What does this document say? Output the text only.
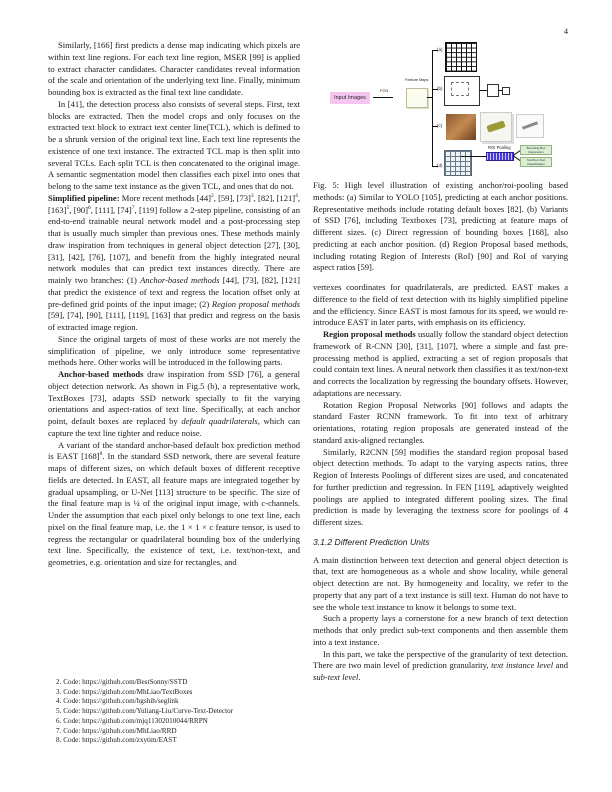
4

Similarly, [166] first predicts a dense map indicating which pixels are within text line regions. For each text line region, MSER [99] is applied to extract character candidates. Character candidates reveal information of the scale and orientation of the underlying text line. Finally, minimum bounding box is extracted as the final text line candidate.

In [41], the detection process also consists of several steps. First, text blocks are extracted. Then the model crops and only focuses on the extracted text block to extract text center line(TCL), which is defined to be a shrunk version of the original text line. Each text line represents the existence of one text instance. The extracted TCL map is then split into several TCLs. Each split TCL is then concatenated to the original image. A semantic segmentation model then classifies each pixel into ones that belong to the same text instance as the given TCL, and ones that do not.

Simplified pipeline: More recent methods $[44]^2$, [59], $[73]^3$, [82], $[121]^4$, $[163]^5$, $[90]^6$, [111], $[74]^7$, [119] follow a 2-step pipeline, consisting of an end-to-end trainable neural network model and a post-processing step that is usually much simpler than previous ones. These methods mainly draw inspiration from techniques in general object detection [27], [30], [31], [42], [76], [107], and benefit from the highly integrated neural network modules that can predict text instances directly. There are mainly two branches: (1) Anchor-based methods [44], [73], [82], [121] that predict the existence of text and regress the location offset only at pre-defined grid points of the input image; (2) Region proposal methods [59], [74], [90], [111], [119], [163] that predict and regress on the basis of extracted image region.

Since the original targets of most of these works are not merely the simplification of pipeline, we only introduce some representative methods here. Other works will be introduced in the following parts.

Anchor-based methods draw inspiration from SSD [76], a general object detection network. As shown in Fig.5 (b), a representative work, TextBoxes [73], adapts SSD network specially to fit the varying orientations and aspect-ratios of text line. Specifically, at each anchor point, default boxes are replaced by default quadrilaterals, which can capture the text line tighter and reduce noise.

A variant of the standard anchor-based default box prediction method is EAST $[168]^8$. In the standard SSD network, there are several feature maps of different sizes, on which default boxes of different receptive fields are detected. In EAST, all feature maps are integrated together by gradual upsampling, or U-Net [113] structure to be specific. The size of the final feature map is ¼ of the original input image, with c-channels. Under the assumption that each pixel only belongs to one text line, each pixel on the final feature map, i.e. the 1 × 1 × c feature tensor, is used to regress the rectangular or quadrilateral bounding box of the underlying text line. Specifically, the existence of text, i.e. text/non-text, and geometries, e.g. orientation and size for rectangles, and

2. Code: https://github.com/BestSonny/SSTD
3. Code: https://github.com/MhLiao/TextBoxes
4. Code: https://github.com/bgshih/seglink
5. Code: https://github.com/Yuliang-Liu/Curve-Text-Detector
6. Code: https://github.com/mjq11302010044/RRPN
7. Code: https://github.com/MhLiao/RRD
8. Code: https://github.com/zxytim/EAST
Input Images
FCN
Feature Maps
(a)
(b)
(c)
(d)
ROI Pooling	Bounding Box Regression
Text/Non-Text Classification

Fig. 5: High level illustration of existing anchor/roi-pooling based methods: (a) Similar to YOLO [105], predicting at each anchor positions. Representative methods include rotating default boxes [82]. (b) Variants of SSD [76], including Textboxes [73], predicting at feature maps of different sizes. (c) Direct regression of bounding boxes [168], also predicting at each anchor position. (d) Region Proposal based methods, including rotating Region of Interests (RoI) [90] and RoI of varying aspect ratios [59].

vertexes coordinates for quadrilaterals, are predicted. EAST makes a difference to the field of text detection with its highly simplified pipeline and the efficiency. Since EAST is most famous for its speed, we would re-introduce EAST in later parts, with emphasis on its efficiency.

Region proposal methods usually follow the standard object detection framework of R-CNN [30], [31], [107], where a simple and fast pre-processing method is applied, extracting a set of region proposals that could contain text lines. A neural network then classifies it as text/non-text and corrects the localization by regressing the boundary offsets. However, adaptations are necessary.

Rotation Region Proposal Networks [90] follows and adapts the standard Faster RCNN framework. To fit into text of arbitrary orientations, rotating region proposals are generated instead of the standard axis-aligned rectangles.

Similarly, R2CNN [59] modifies the standard region proposal based object detection methods. To adapt to the varying aspects ratios, three Region of Interests Poolings of different sizes are used, and concatenated for further prediction and regression. In FEN [119], adaptively weighted poolings are applied to integrated different pooling sizes. The final prediction is made by leveraging the textness score for poolings of 4 different sizes.

3.1.2 Different Prediction Units

A main distinction between text detection and general object detection is that, text are homogeneous as a whole and show locality, while general object detection are not. By homogeneity and locality, we refer to the property that any part of a text instance is still text. Human do not have to see the whole text instance to know it belongs to some text.

Such a property lays a cornerstone for a new branch of text detection methods that only predict sub-text components and then assemble them into a text instance.

In this part, we take the perspective of the granularity of text detection. There are two main level of prediction granularity, text instance level and sub-text level.
